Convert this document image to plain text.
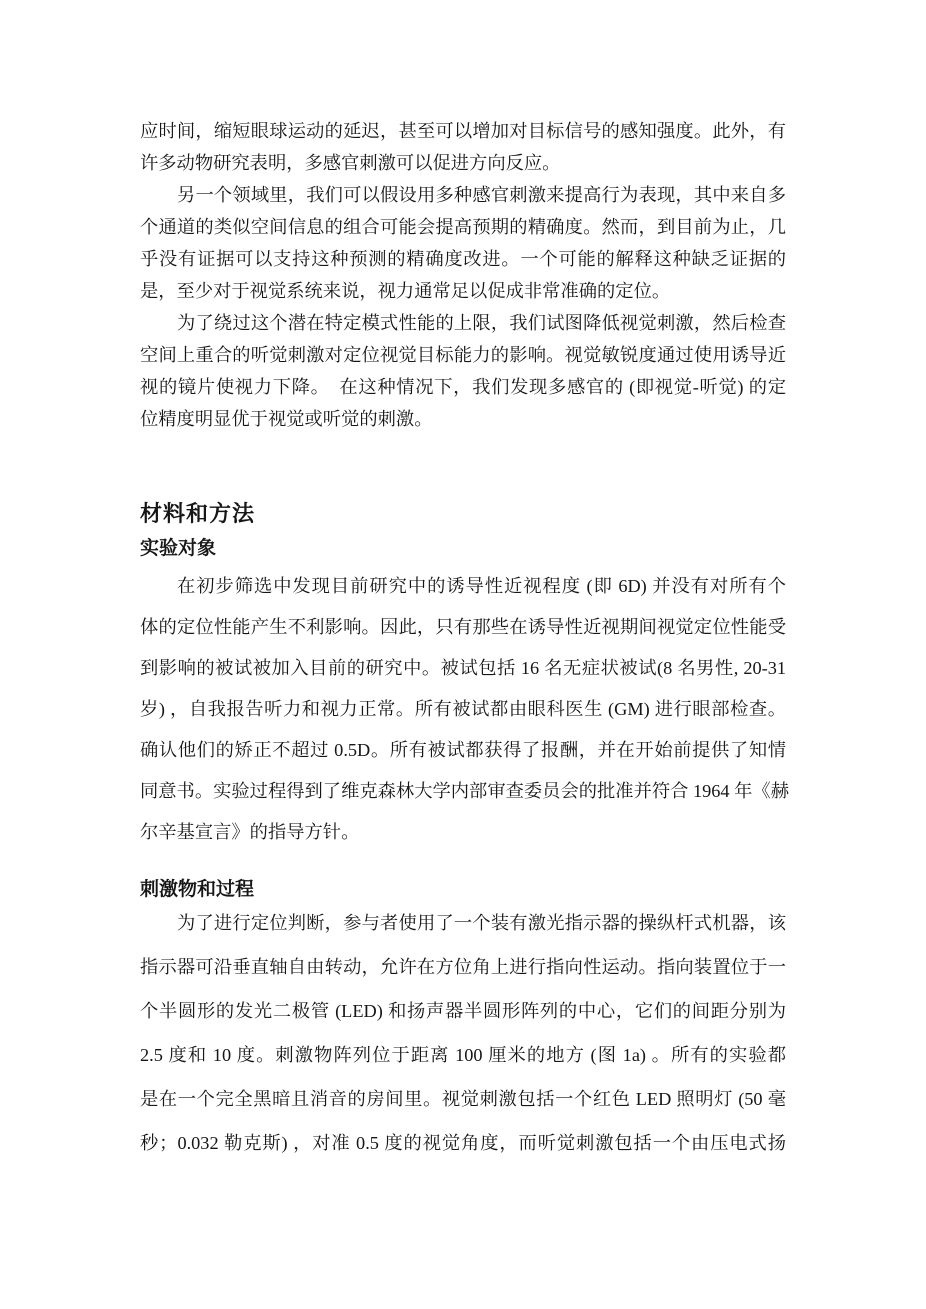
应时间，缩短眼球运动的延迟，甚至可以增加对目标信号的感知强度。此外，有
许多动物研究表明，多感官刺激可以促进方向反应。
另一个领域里，我们可以假设用多种感官刺激来提高行为表现，其中来自多
个通道的类似空间信息的组合可能会提高预期的精确度。然而，到目前为止，几
乎没有证据可以支持这种预测的精确度改进。一个可能的解释这种缺乏证据的
是，至少对于视觉系统来说，视力通常足以促成非常准确的定位。
为了绕过这个潜在特定模式性能的上限，我们试图降低视觉刺激，然后检查
空间上重合的听觉刺激对定位视觉目标能力的影响。视觉敏锐度通过使用诱导近
视的镜片使视力下降。　在这种情况下，我们发现多感官的 (即视觉-听觉) 的定
位精度明显优于视觉或听觉的刺激。
材料和方法
实验对象
在初步筛选中发现目前研究中的诱导性近视程度 (即 6D) 并没有对所有个
体的定位性能产生不利影响。因此，只有那些在诱导性近视期间视觉定位性能受
到影响的被试被加入目前的研究中。被试包括 16 名无症状被试(8 名男性, 20-31
岁) ，自我报告听力和视力正常。所有被试都由眼科医生 (GM) 进行眼部检查。
确认他们的矫正不超过 0.5D。所有被试都获得了报酬，并在开始前提供了知情
同意书。实验过程得到了维克森林大学内部审查委员会的批准并符合 1964 年《赫
尔辛基宣言》的指导方针。
刺激物和过程
为了进行定位判断，参与者使用了一个装有激光指示器的操纵杆式机器，该
指示器可沿垂直轴自由转动，允许在方位角上进行指向性运动。指向装置位于一
个半圆形的发光二极管 (LED) 和扬声器半圆形阵列的中心，它们的间距分别为
2.5 度和 10 度。刺激物阵列位于距离 100 厘米的地方 (图 1a) 。所有的实验都
是在一个完全黑暗且消音的房间里。视觉刺激包括一个红色 LED 照明灯 (50 毫
秒；0.032 勒克斯) ，对准 0.5 度的视觉角度，而听觉刺激包括一个由压电式扬
